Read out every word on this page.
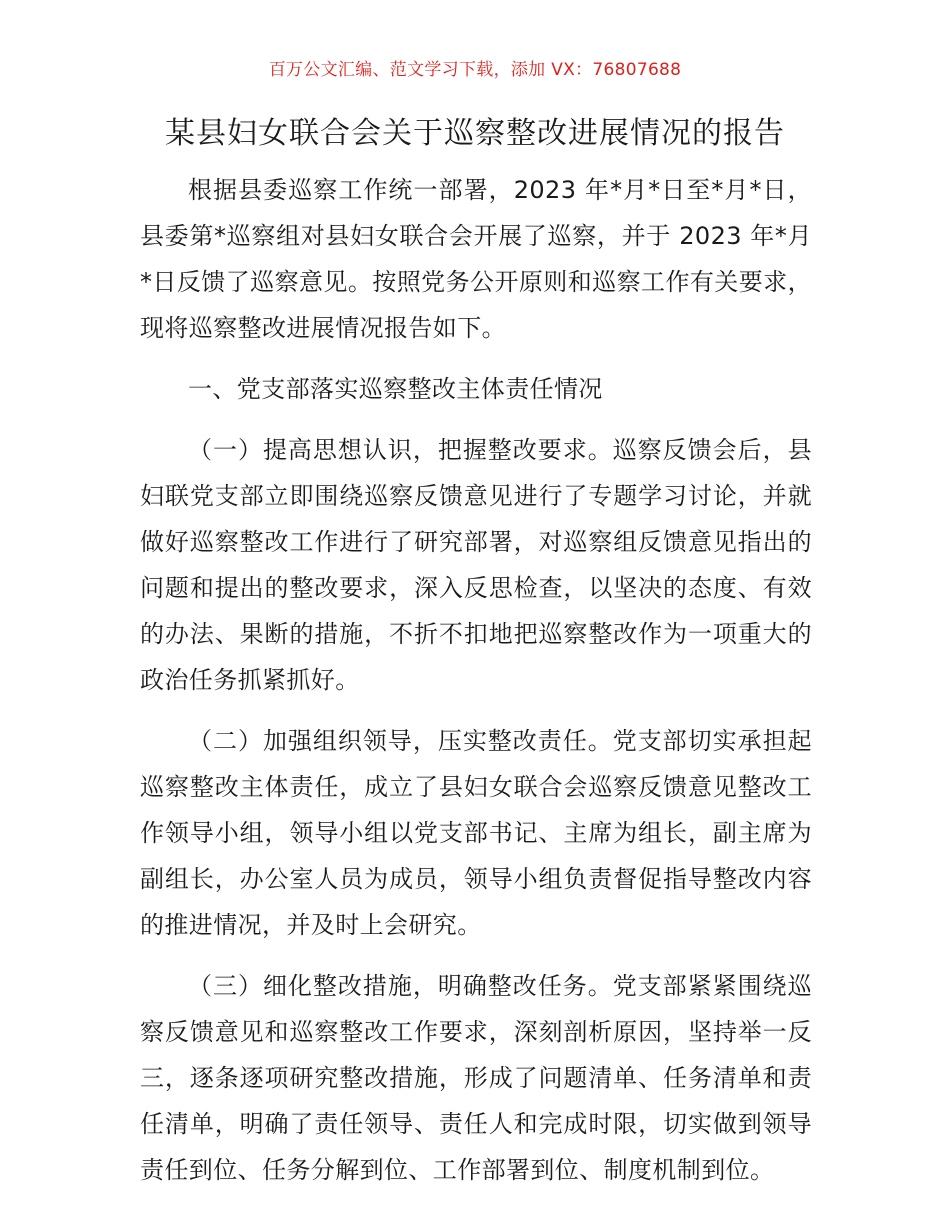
百万公文汇编、范文学习下载，添加 VX：76807688
某县妇女联合会关于巡察整改进展情况的报告

根据县委巡察工作统一部署，2023 年*月*日至*月*日，县委第*巡察组对县妇女联合会开展了巡察，并于 2023 年*月*日反馈了巡察意见。按照党务公开原则和巡察工作有关要求，现将巡察整改进展情况报告如下。

一、党支部落实巡察整改主体责任情况

（一）提高思想认识，把握整改要求。巡察反馈会后，县妇联党支部立即围绕巡察反馈意见进行了专题学习讨论，并就做好巡察整改工作进行了研究部署，对巡察组反馈意见指出的问题和提出的整改要求，深入反思检查，以坚决的态度、有效的办法、果断的措施，不折不扣地把巡察整改作为一项重大的政治任务抓紧抓好。

（二）加强组织领导，压实整改责任。党支部切实承担起巡察整改主体责任，成立了县妇女联合会巡察反馈意见整改工作领导小组，领导小组以党支部书记、主席为组长，副主席为副组长，办公室人员为成员，领导小组负责督促指导整改内容的推进情况，并及时上会研究。

（三）细化整改措施，明确整改任务。党支部紧紧围绕巡察反馈意见和巡察整改工作要求，深刻剖析原因，坚持举一反三，逐条逐项研究整改措施，形成了问题清单、任务清单和责任清单，明确了责任领导、责任人和完成时限，切实做到领导责任到位、任务分解到位、工作部署到位、制度机制到位。
